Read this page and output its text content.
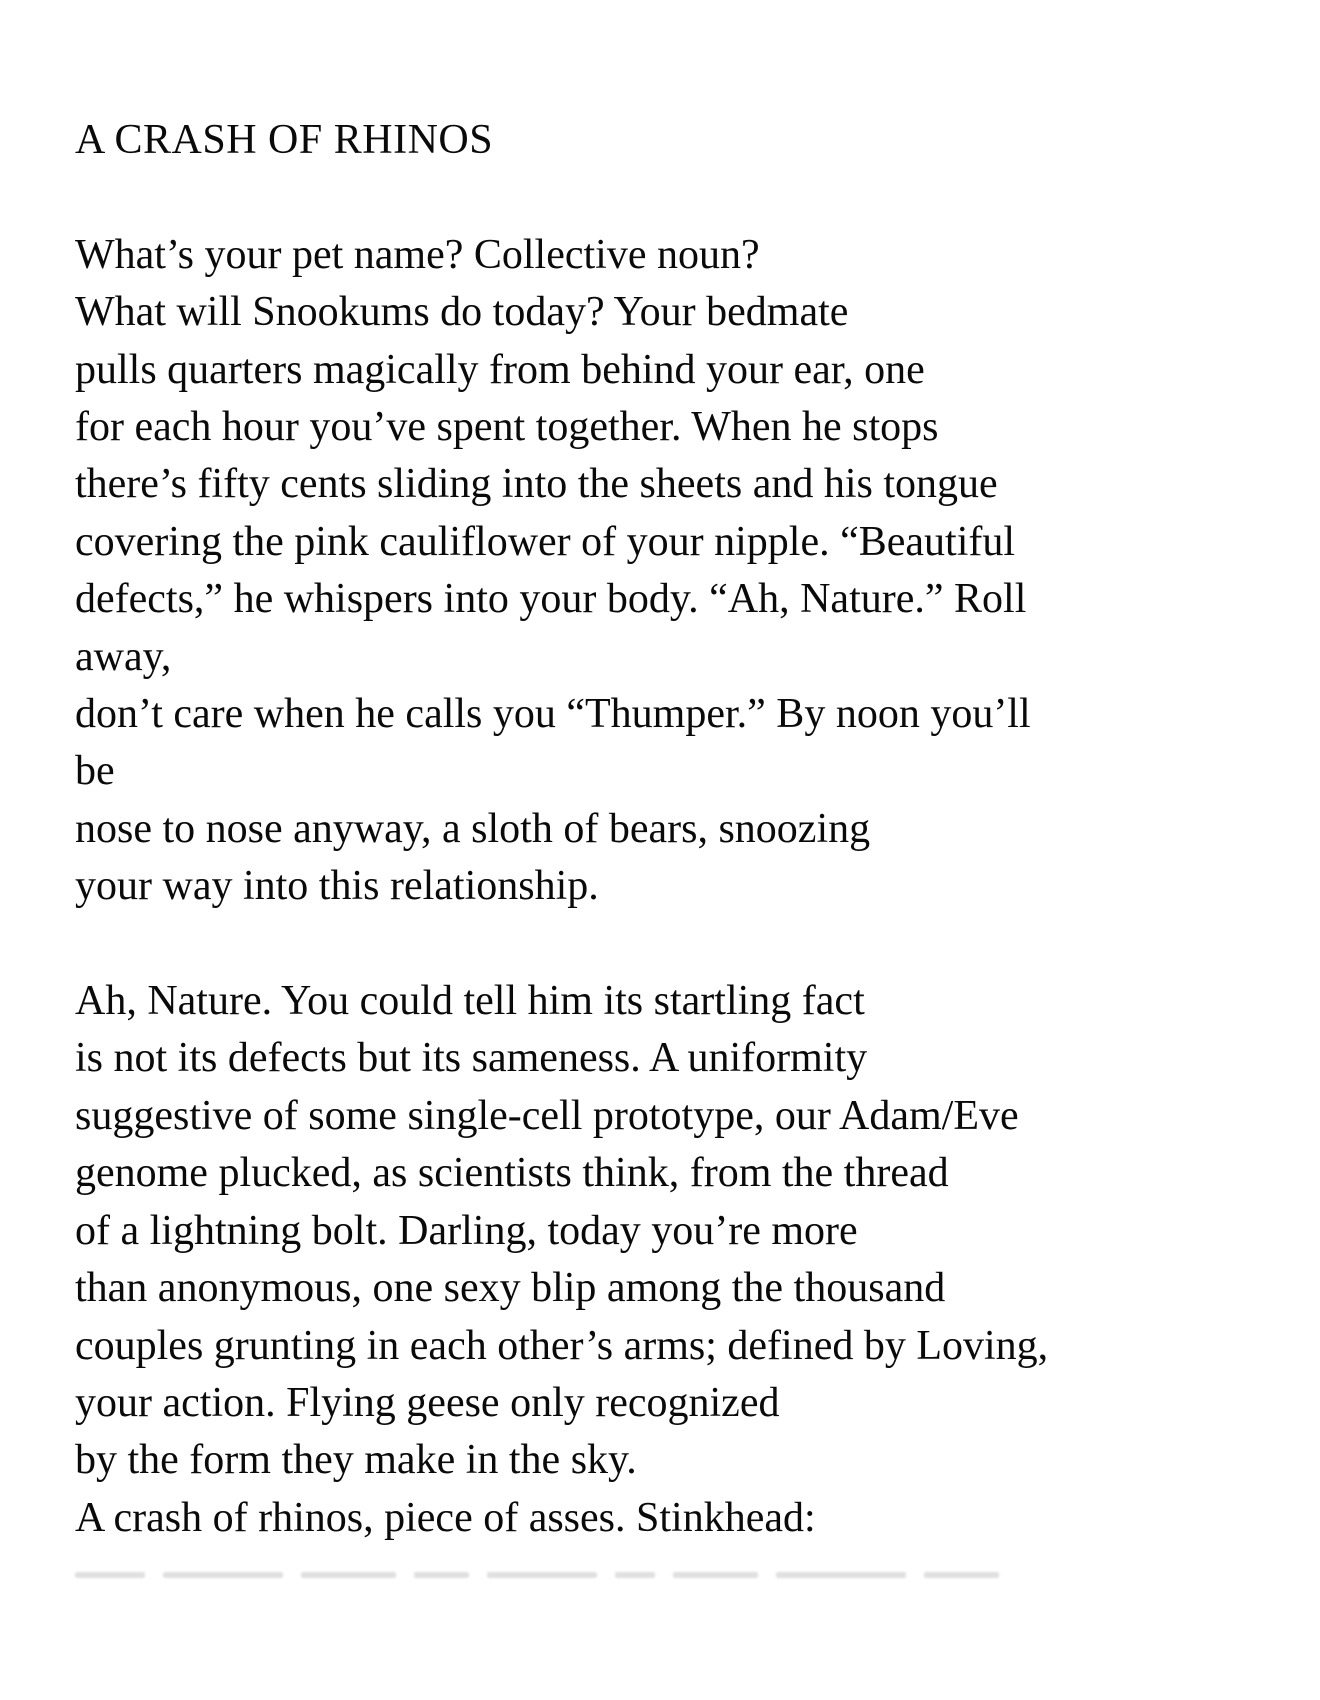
A CRASH OF RHINOS
What’s your pet name? Collective noun?
What will Snookums do today? Your bedmate
pulls quarters magically from behind your ear, one
for each hour you’ve spent together. When he stops
there’s fifty cents sliding into the sheets and his tongue
covering the pink cauliflower of your nipple. “Beautiful
defects,” he whispers into your body. “Ah, Nature.” Roll
away,
don’t care when he calls you “Thumper.” By noon you’ll
be
nose to nose anyway, a sloth of bears, snoozing
your way into this relationship.
Ah, Nature. You could tell him its startling fact
is not its defects but its sameness. A uniformity
suggestive of some single-cell prototype, our Adam/Eve
genome plucked, as scientists think, from the thread
of a lightning bolt. Darling, today you’re more
than anonymous, one sexy blip among the thousand
couples grunting in each other’s arms; defined by Loving,
your action. Flying geese only recognized
by the form they make in the sky.
A crash of rhinos, piece of asses. Stinkhead:
